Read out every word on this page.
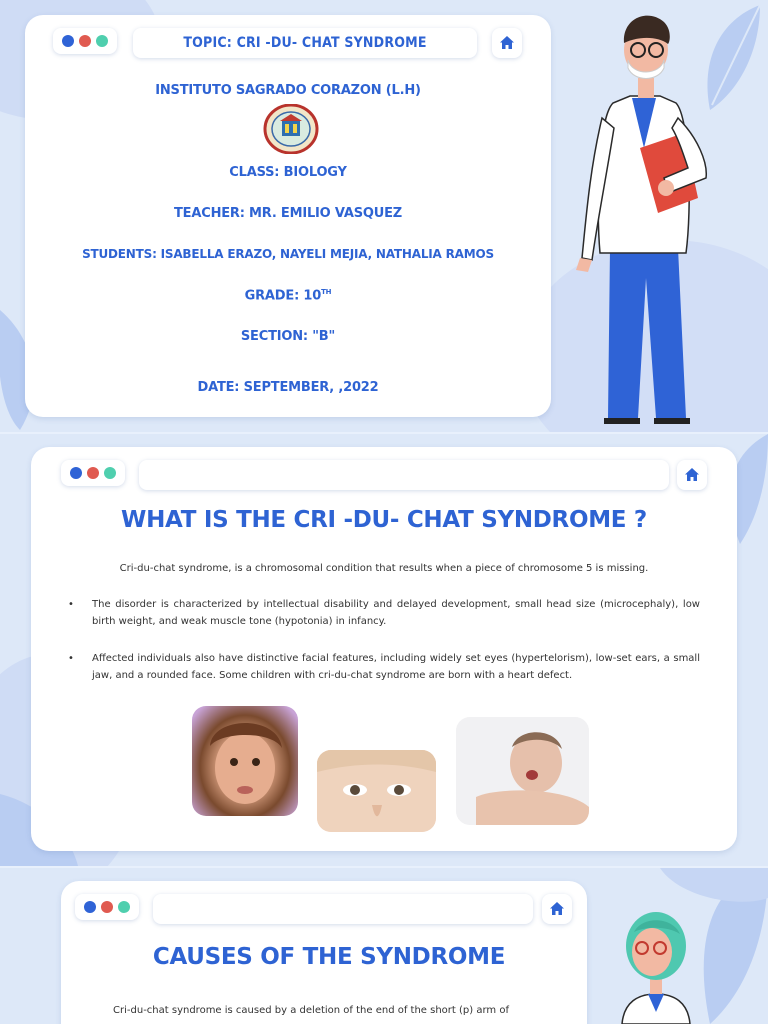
TOPIC: CRI -DU- CHAT SYNDROME
INSTITUTO SAGRADO CORAZON (L.H)
CLASS: BIOLOGY
TEACHER: MR. EMILIO VASQUEZ
STUDENTS: ISABELLA ERAZO, NAYELI MEJIA, NATHALIA RAMOS
GRADE: 10TH
SECTION: "B"
DATE: SEPTEMBER, ,2022
WHAT IS THE CRI -DU- CHAT SYNDROME ?
Cri-du-chat syndrome, is a chromosomal condition that results when a piece of chromosome 5 is missing.
• The disorder is characterized by intellectual disability and delayed development, small head size (microcephaly), low birth weight, and weak muscle tone (hypotonia) in infancy.
• Affected individuals also have distinctive facial features, including widely set eyes (hypertelorism), low-set ears, a small jaw, and a rounded face. Some children with cri-du-chat syndrome are born with a heart defect.
CAUSES OF THE SYNDROME
Cri-du-chat syndrome is caused by a deletion of the end of the short (p) arm of
